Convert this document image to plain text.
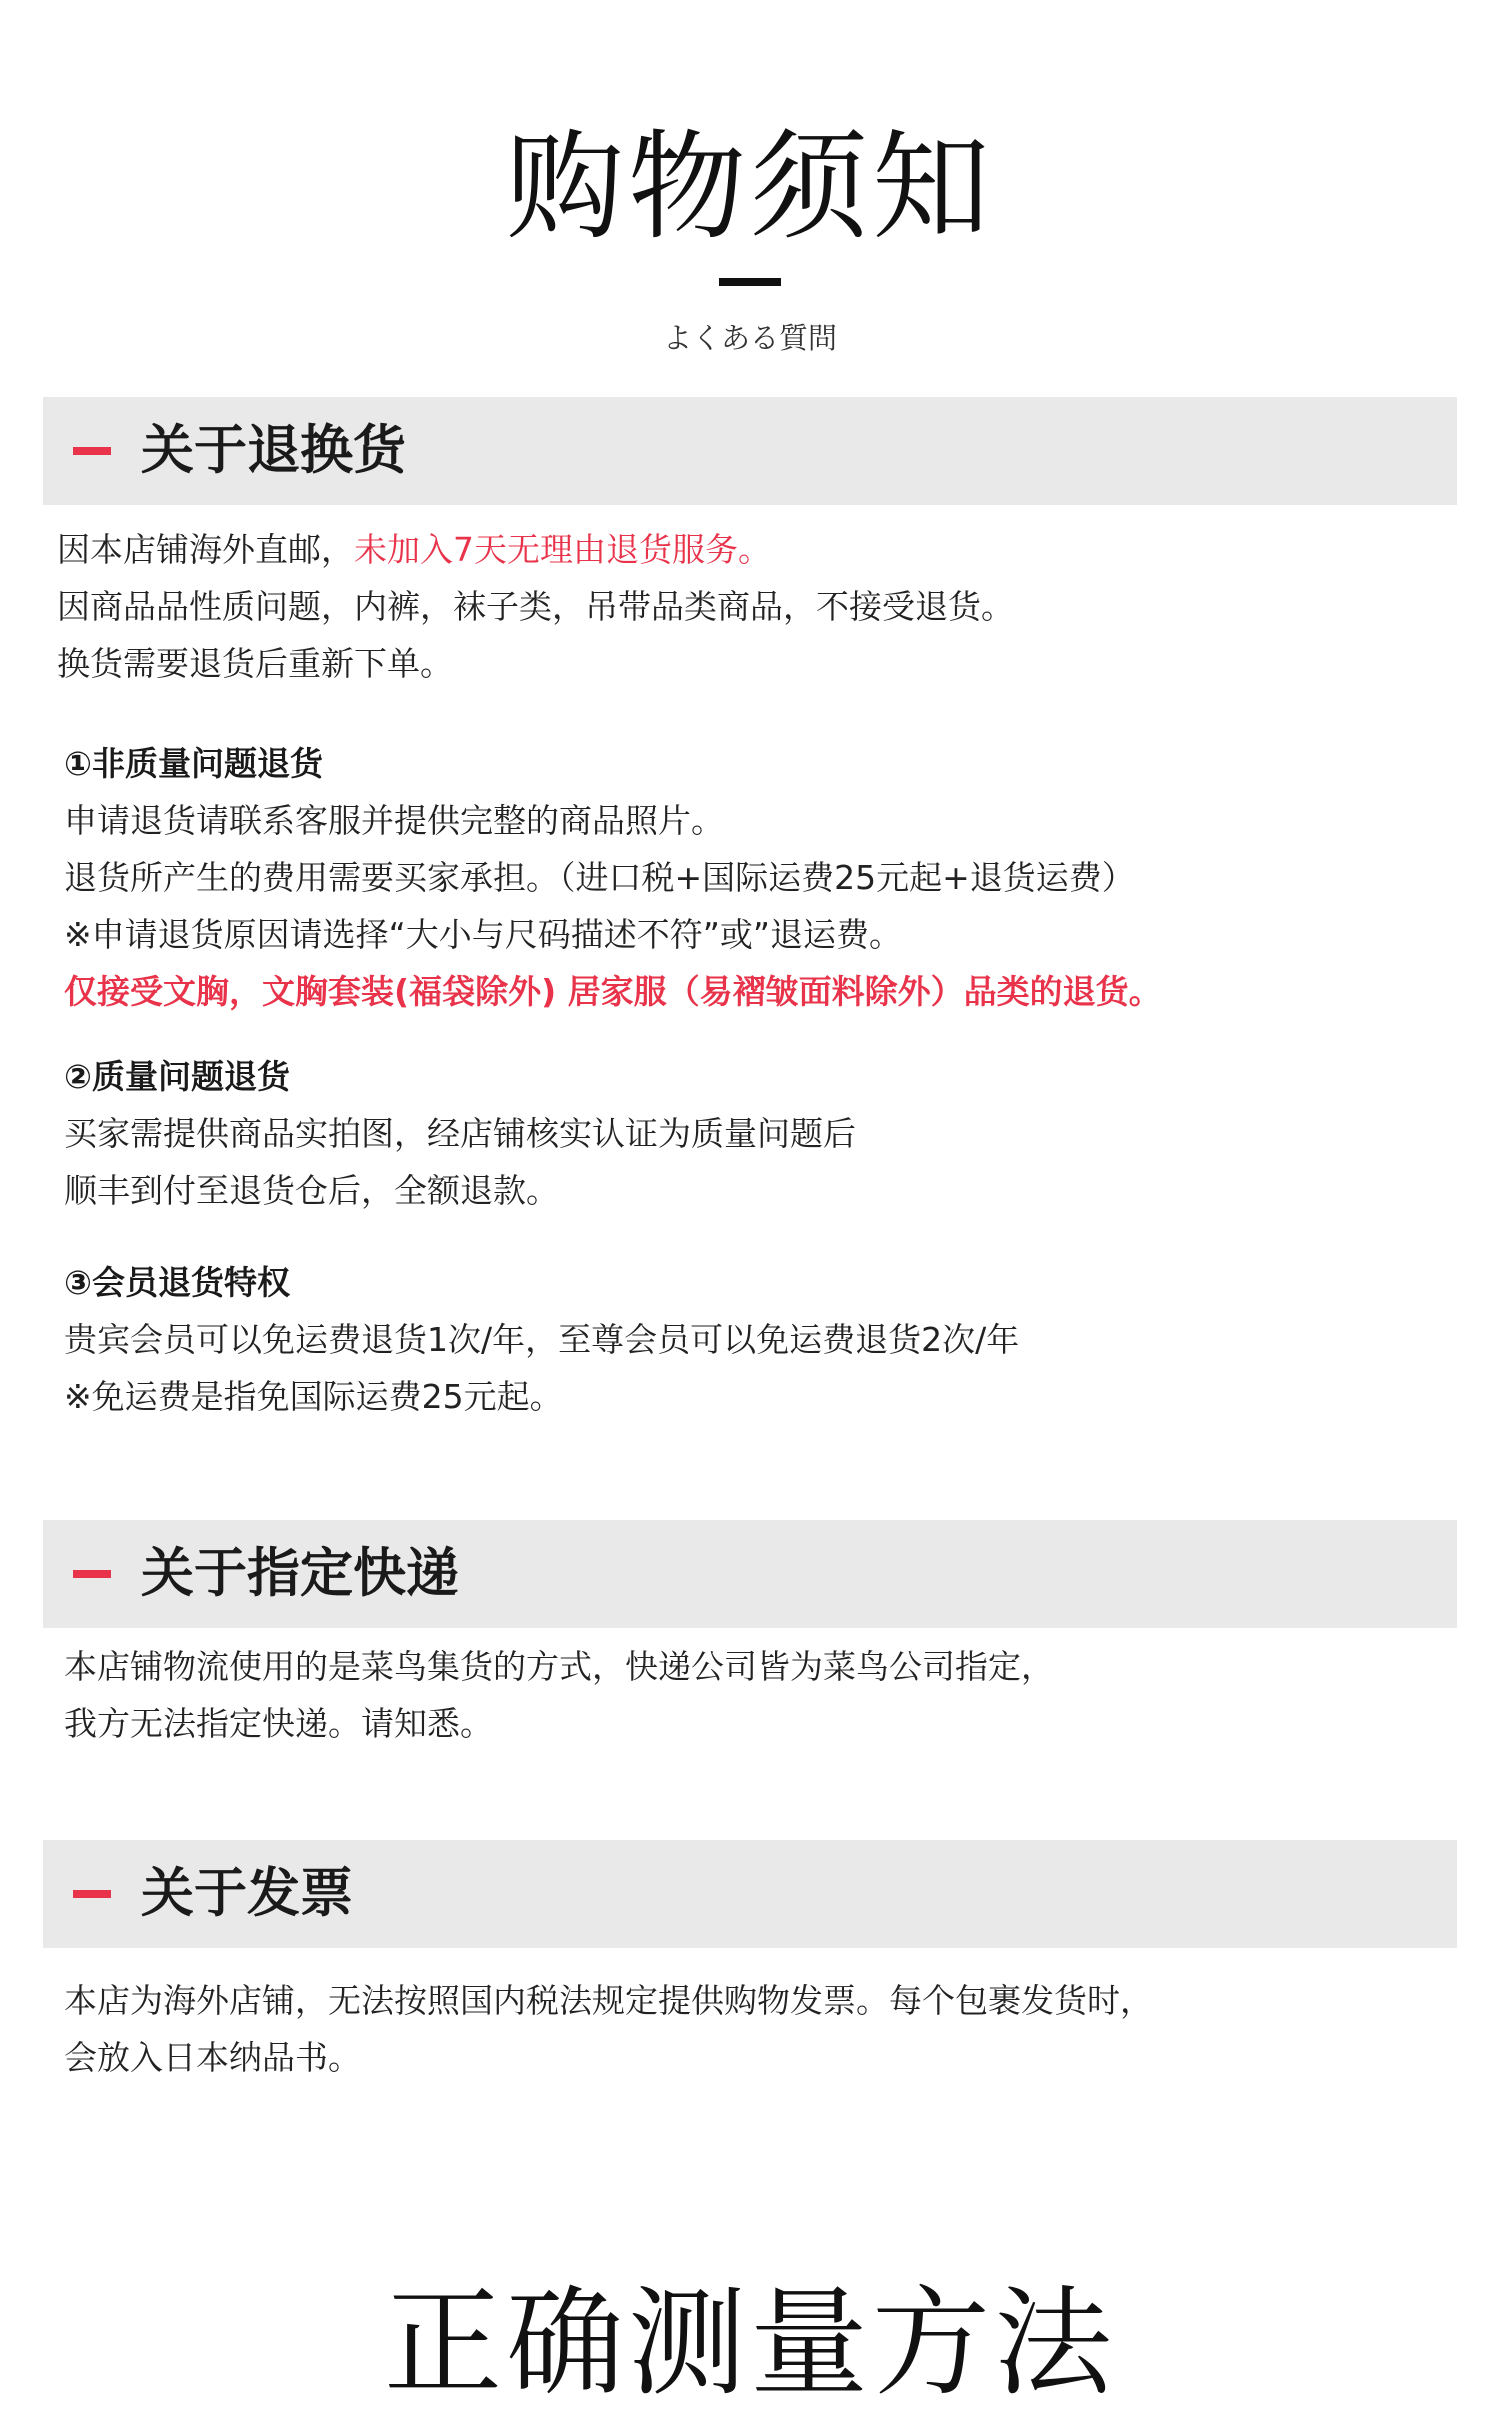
购物须知
よくある質問
关于退换货
因本店铺海外直邮，未加入7天无理由退货服务。
因商品品性质问题，内裤，袜子类，吊带品类商品，不接受退货。
换货需要退货后重新下单。
①非质量问题退货
申请退货请联系客服并提供完整的商品照片。
退货所产生的费用需要买家承担。（进口税+国际运费25元起+退货运费）
※申请退货原因请选择“大小与尺码描述不符”或”退运费。
仅接受文胸，文胸套装(福袋除外) 居家服（易褶皱面料除外）品类的退货。
②质量问题退货
买家需提供商品实拍图，经店铺核实认证为质量问题后
顺丰到付至退货仓后，全额退款。
③会员退货特权
贵宾会员可以免运费退货1次/年，至尊会员可以免运费退货2次/年
※免运费是指免国际运费25元起。
关于指定快递
本店铺物流使用的是菜鸟集货的方式，快递公司皆为菜鸟公司指定，
我方无法指定快递。请知悉。
关于发票
本店为海外店铺，无法按照国内税法规定提供购物发票。每个包裹发货时，
会放入日本纳品书。
正确测量方法
